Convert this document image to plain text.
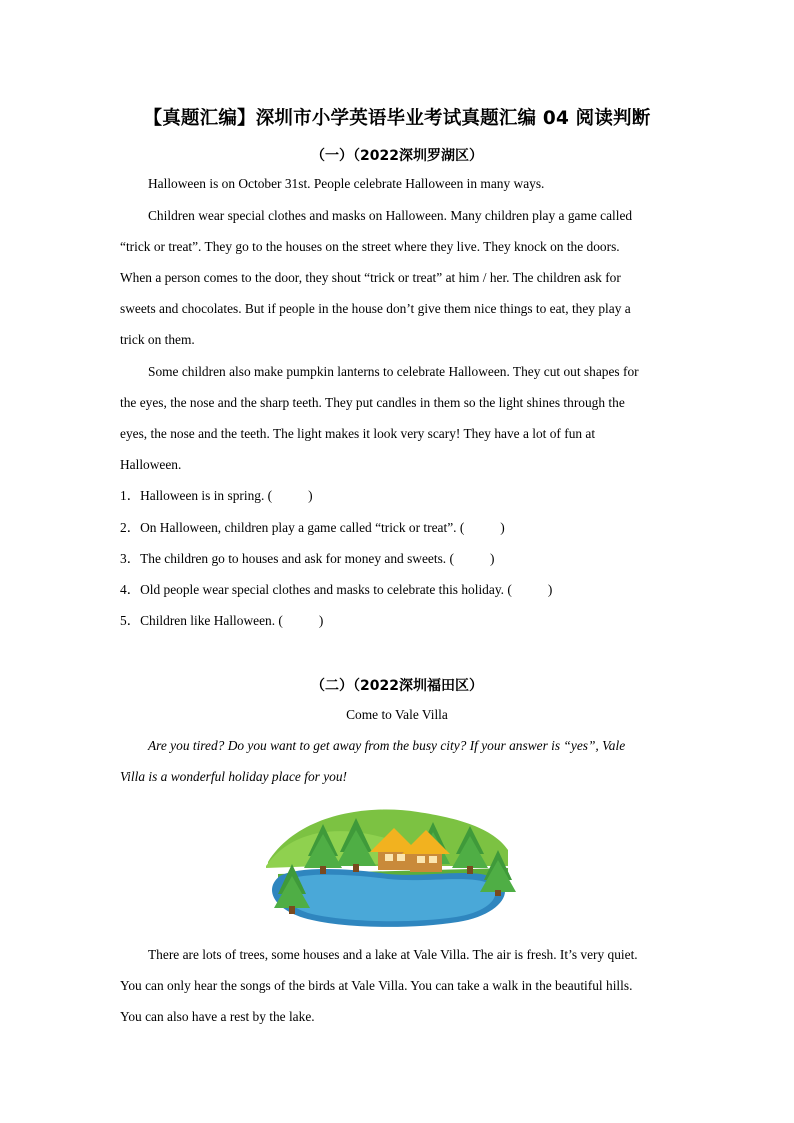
【真题汇编】深圳市小学英语毕业考试真题汇编 04 阅读判断
（一）（2022深圳罗湖区）
Halloween is on October 31st. People celebrate Halloween in many ways.
Children wear special clothes and masks on Halloween. Many children play a game called
“trick or treat”. They go to the houses on the street where they live. They knock on the doors.
When a person comes to the door, they shout “trick or treat” at him / her. The children ask for
sweets and chocolates. But if people in the house don’t give them nice things to eat, they play a
trick on them.
Some children also make pumpkin lanterns to celebrate Halloween. They cut out shapes for
the eyes, the nose and the sharp teeth. They put candles in them so the light shines through the
eyes, the nose and the teeth. The light makes it look very scary! They have a lot of fun at
Halloween.
1．Halloween is in spring. (	)
2．On Halloween, children play a game called “trick or treat”. (	)
3．The children go to houses and ask for money and sweets. (	)
4．Old people wear special clothes and masks to celebrate this holiday. (	)
5．Children like Halloween. (	)
（二）（2022深圳福田区）
Come to Vale Villa
Are you tired? Do you want to get away from the busy city? If your answer is “yes”, Vale
Villa is a wonderful holiday place for you!
There are lots of trees, some houses and a lake at Vale Villa. The air is fresh. It’s very quiet.
You can only hear the songs of the birds at Vale Villa. You can take a walk in the beautiful hills.
You can also have a rest by the lake.
